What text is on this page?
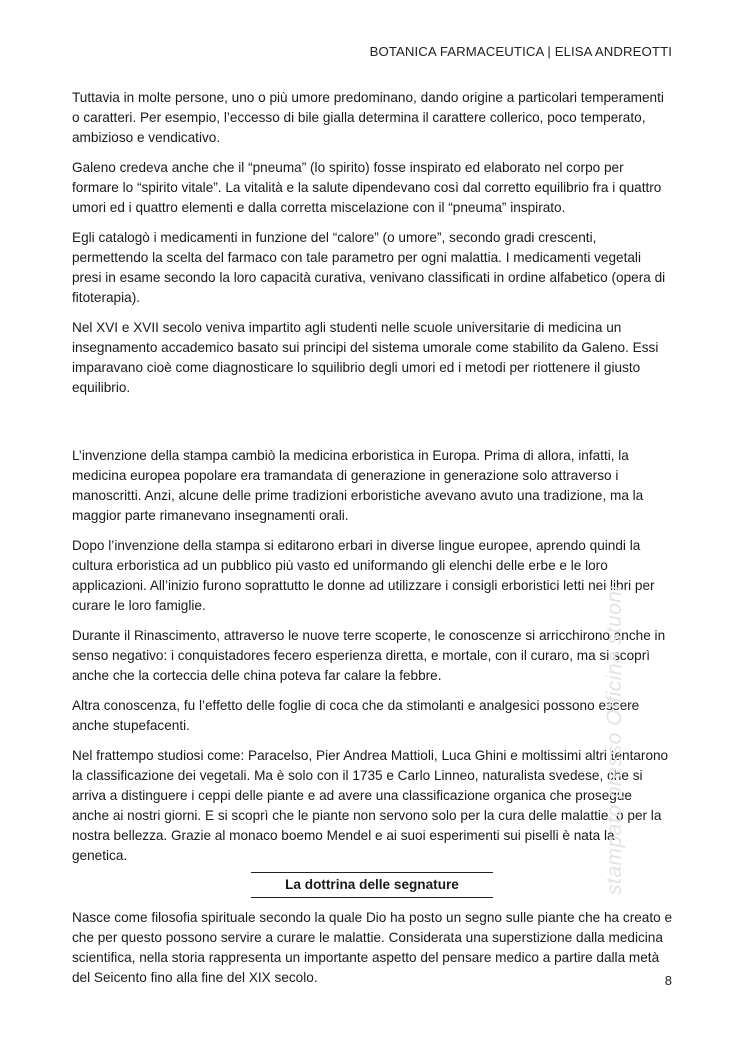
BOTANICA FARMACEUTICA | ELISA ANDREOTTI

Tuttavia in molte persone, uno o più umore predominano, dando origine a particolari temperamenti o caratteri. Per esempio, l’eccesso di bile gialla determina il carattere collerico, poco temperato, ambizioso e vendicativo.

Galeno credeva anche che il “pneuma” (lo spirito) fosse inspirato ed elaborato nel corpo per formare lo “spirito vitale”. La vitalità e la salute dipendevano così dal corretto equilibrio fra i quattro umori ed i quattro elementi e dalla corretta miscelazione con il “pneuma” inspirato.

Egli catalogò i medicamenti in funzione del “calore” (o umore”, secondo gradi crescenti, permettendo la scelta del farmaco con tale parametro per ogni malattia. I medicamenti vegetali presi in esame secondo la loro capacità curativa, venivano classificati in ordine alfabetico (opera di fitoterapia).

Nel XVI e XVII secolo veniva impartito agli studenti nelle scuole universitarie di medicina un insegnamento accademico basato sui principi del sistema umorale come stabilito da Galeno. Essi imparavano cioè come diagnosticare lo squilibrio degli umori ed i metodi per riottenere il giusto equilibrio.

L’invenzione della stampa cambiò la medicina erboristica in Europa. Prima di allora, infatti, la medicina europea popolare era tramandata di generazione in generazione solo attraverso i manoscritti. Anzi, alcune delle prime tradizioni erboristiche avevano avuto una tradizione, ma la maggior parte rimanevano insegnamenti orali.

Dopo l’invenzione della stampa si editarono erbari in diverse lingue europee, aprendo quindi la cultura erboristica ad un pubblico più vasto ed uniformando gli elenchi delle erbe e le loro applicazioni. All’inizio furono soprattutto le donne ad utilizzare i consigli erboristici letti nei libri per curare le loro famiglie.

Durante il Rinascimento, attraverso le nuove terre scoperte, le conoscenze si arricchirono anche in senso negativo: i conquistadores fecero esperienza diretta, e mortale, con il curaro, ma si scoprì anche che la corteccia delle china poteva far calare la febbre.

Altra conoscenza, fu l’effetto delle foglie di coca che da stimolanti e analgesici possono essere anche stupefacenti.

Nel frattempo studiosi come: Paracelso, Pier Andrea Mattioli, Luca Ghini e moltissimi altri tentarono la classificazione dei vegetali. Ma è solo con il 1735 e Carlo Linneo, naturalista svedese, che si arriva a distinguere i ceppi delle piante e ad avere una classificazione organica che prosegue anche ai nostri giorni. E si scoprì che le piante non servono solo per la cura delle malattie, o per la nostra bellezza. Grazie al monaco boemo Mendel e ai suoi esperimenti sui piselli è nata la genetica.

La dottrina delle segnature

Nasce come filosofia spirituale secondo la quale Dio ha posto un segno sulle piante che ha creato e che per questo possono servire a curare le malattie. Considerata una superstizione dalla medicina scientifica, nella storia rappresenta un importante aspetto del pensare medico a partire dalla metà del Seicento fino alla fine del XIX secolo.	8
stampato presso Officina stuoni
